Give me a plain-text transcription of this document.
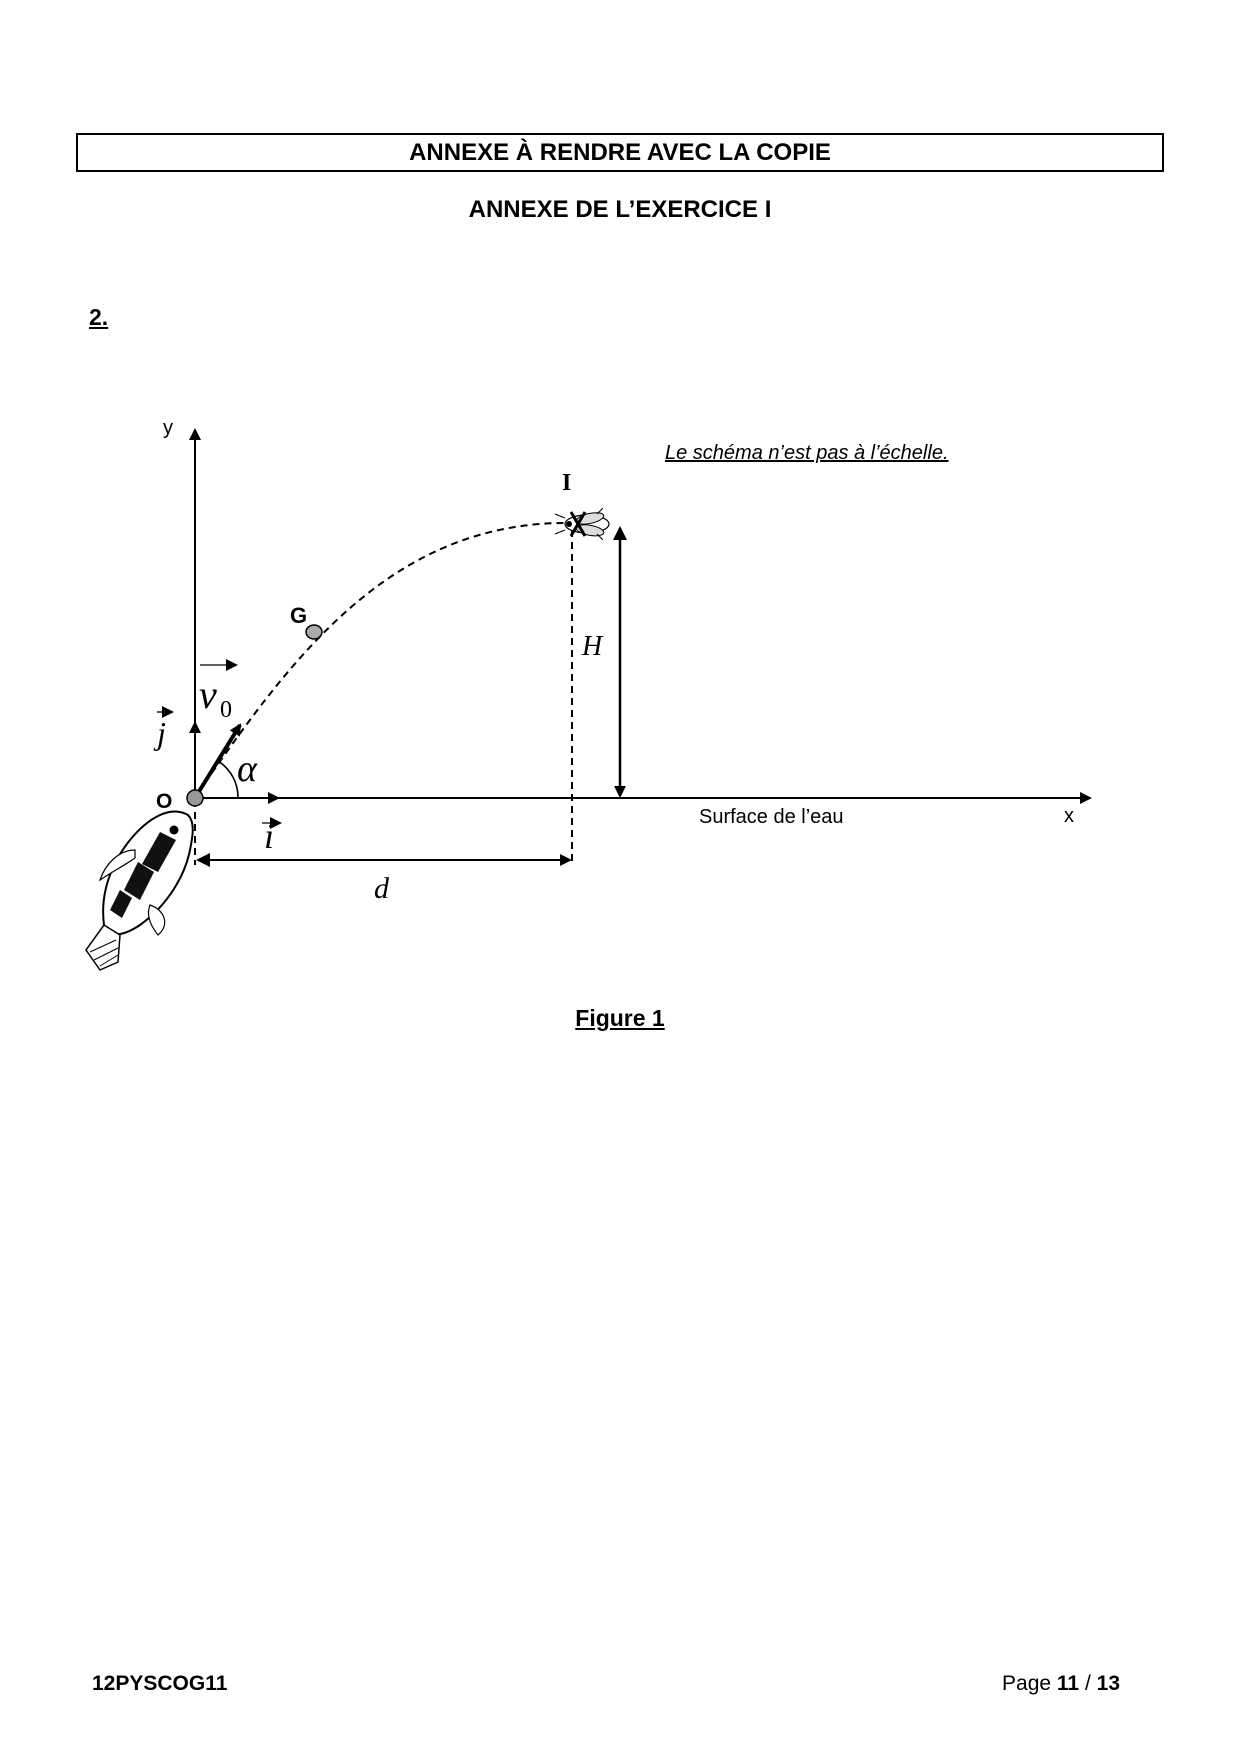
ANNEXE À RENDRE AVEC LA COPIE
ANNEXE DE L’EXERCICE I
2.
y
x
j
i
v 0
α
G
I
H
d
O
Surface de l’eau
Le schéma n’est pas à l’échelle.
Figure 1
12PYSCOG11	Page 11 / 13
